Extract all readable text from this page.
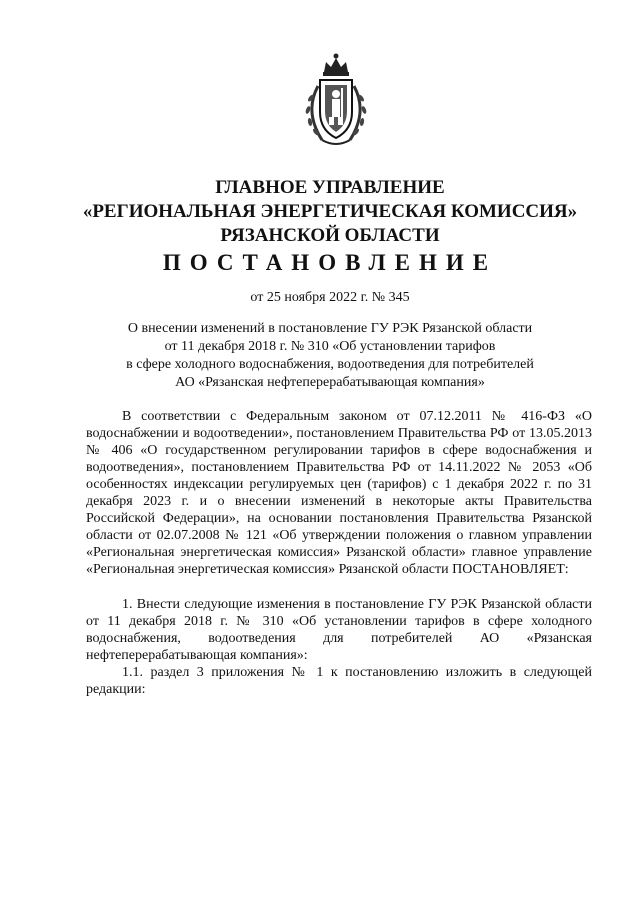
ГЛАВНОЕ УПРАВЛЕНИЕ
«РЕГИОНАЛЬНАЯ ЭНЕРГЕТИЧЕСКАЯ КОМИССИЯ»
РЯЗАНСКОЙ ОБЛАСТИ
ПОСТАНОВЛЕНИЕ
от 25 ноября 2022 г. № 345
О внесении изменений в постановление ГУ РЭК Рязанской области
от 11 декабря 2018 г. № 310 «Об установлении тарифов
в сфере холодного водоснабжения, водоотведения для потребителей
АО «Рязанская нефтеперерабатывающая компания»

В соответствии с Федеральным законом от 07.12.2011 № 416-ФЗ «О водоснабжении и водоотведении», постановлением Правительства РФ от 13.05.2013 № 406 «О государственном регулировании тарифов в сфере водоснабжения и водоотведения», постановлением Правительства РФ от 14.11.2022 № 2053 «Об особенностях индексации регулируемых цен (тарифов) с 1 декабря 2022 г. по 31 декабря 2023 г. и о внесении изменений в некоторые акты Правительства Российской Федерации», на основании постановления Правительства Рязанской области от 02.07.2008 № 121 «Об утверждении положения о главном управлении «Региональная энергетическая комиссия» Рязанской области» главное управление «Региональная энергетическая комиссия» Рязанской области ПОСТАНОВЛЯЕТ:

1. Внести следующие изменения в постановление ГУ РЭК Рязанской области от 11 декабря 2018 г. № 310 «Об установлении тарифов в сфере холодного водоснабжения, водоотведения для потребителей АО «Рязанская нефтеперерабатывающая компания»:

1.1. раздел 3 приложения № 1 к постановлению изложить в следующей редакции:
